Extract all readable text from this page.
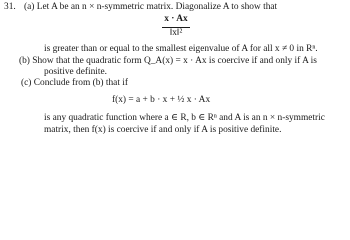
31. (a) Let A be an n × n-symmetric matrix. Diagonalize A to show that
x · Ax
‖x‖²
is greater than or equal to the smallest eigenvalue of A for all x ≠ 0 in Rⁿ.
(b) Show that the quadratic form Q_A(x) = x · Ax is coercive if and only if A is
positive definite.
(c) Conclude from (b) that if
f(x) = a + b · x + ½ x · Ax
is any quadratic function where a ∈ R, b ∈ Rⁿ and A is an n × n-symmetric
matrix, then f(x) is coercive if and only if A is positive definite.
